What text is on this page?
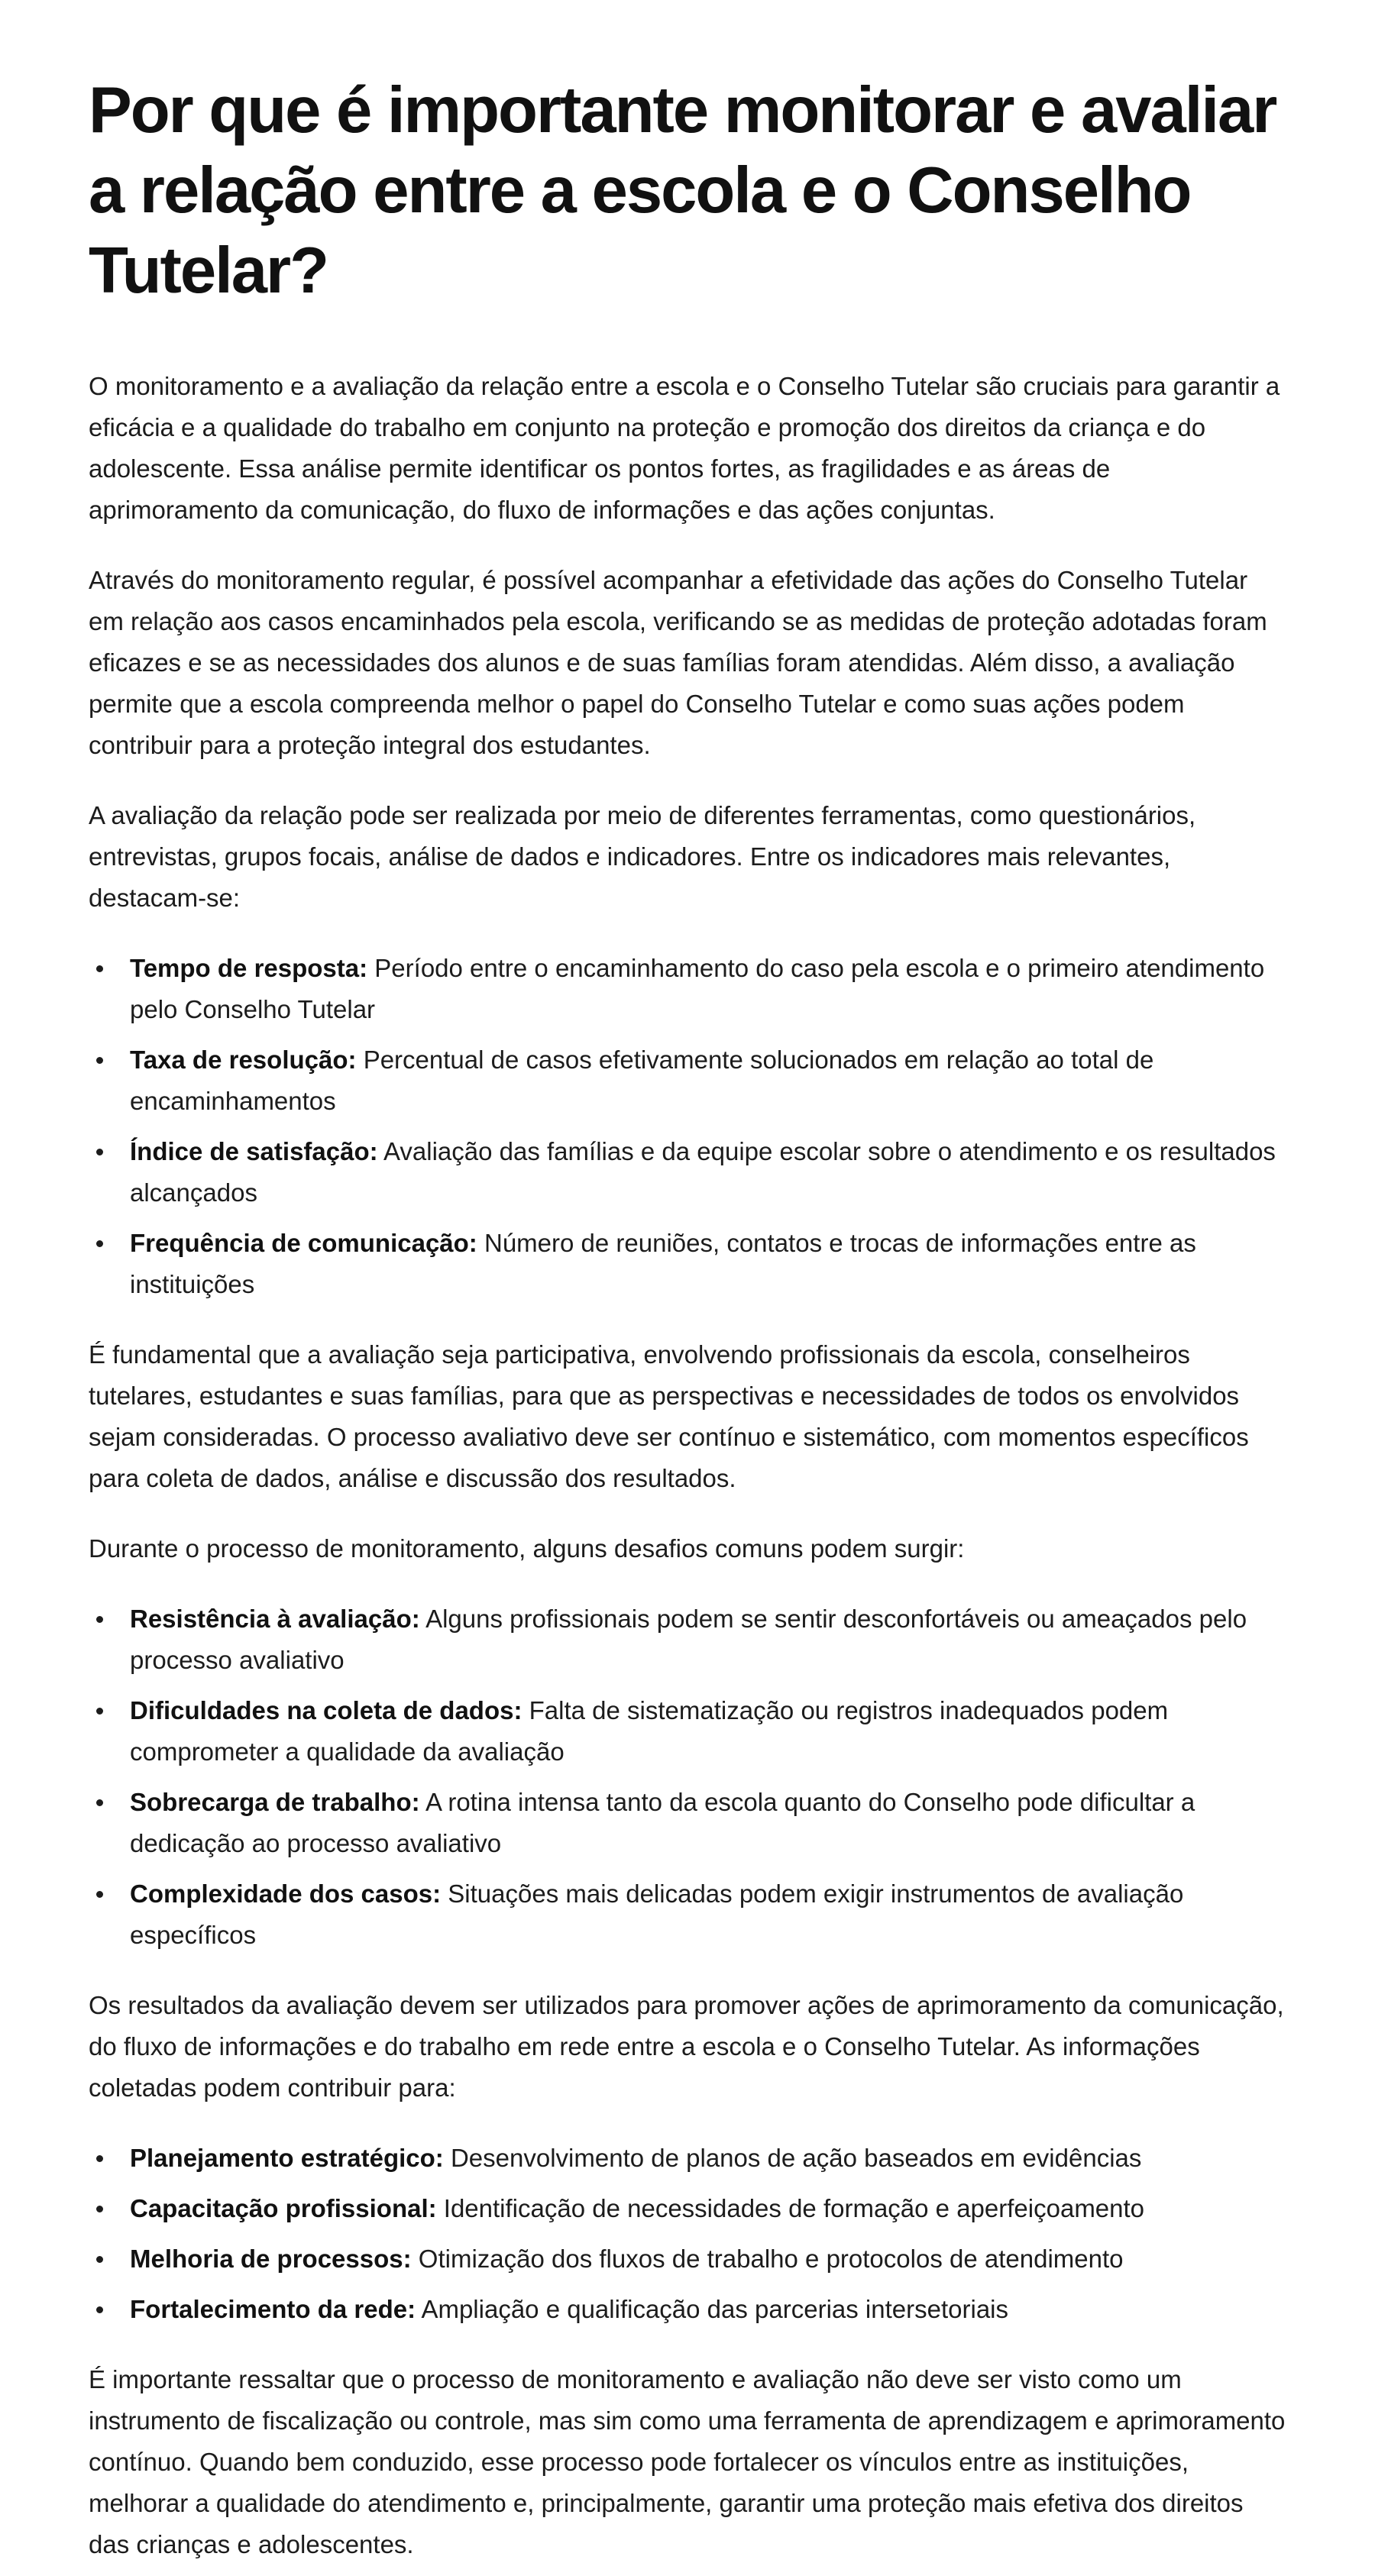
Por que é importante monitorar e avaliar a relação entre a escola e o Conselho Tutelar?

O monitoramento e a avaliação da relação entre a escola e o Conselho Tutelar são cruciais para garantir a eficácia e a qualidade do trabalho em conjunto na proteção e promoção dos direitos da criança e do adolescente. Essa análise permite identificar os pontos fortes, as fragilidades e as áreas de aprimoramento da comunicação, do fluxo de informações e das ações conjuntas.

Através do monitoramento regular, é possível acompanhar a efetividade das ações do Conselho Tutelar em relação aos casos encaminhados pela escola, verificando se as medidas de proteção adotadas foram eficazes e se as necessidades dos alunos e de suas famílias foram atendidas. Além disso, a avaliação permite que a escola compreenda melhor o papel do Conselho Tutelar e como suas ações podem contribuir para a proteção integral dos estudantes.

A avaliação da relação pode ser realizada por meio de diferentes ferramentas, como questionários, entrevistas, grupos focais, análise de dados e indicadores. Entre os indicadores mais relevantes, destacam-se:

Tempo de resposta: Período entre o encaminhamento do caso pela escola e o primeiro atendimento pelo Conselho Tutelar
Taxa de resolução: Percentual de casos efetivamente solucionados em relação ao total de encaminhamentos
Índice de satisfação: Avaliação das famílias e da equipe escolar sobre o atendimento e os resultados alcançados
Frequência de comunicação: Número de reuniões, contatos e trocas de informações entre as instituições

É fundamental que a avaliação seja participativa, envolvendo profissionais da escola, conselheiros tutelares, estudantes e suas famílias, para que as perspectivas e necessidades de todos os envolvidos sejam consideradas. O processo avaliativo deve ser contínuo e sistemático, com momentos específicos para coleta de dados, análise e discussão dos resultados.

Durante o processo de monitoramento, alguns desafios comuns podem surgir:

Resistência à avaliação: Alguns profissionais podem se sentir desconfortáveis ou ameaçados pelo processo avaliativo
Dificuldades na coleta de dados: Falta de sistematização ou registros inadequados podem comprometer a qualidade da avaliação
Sobrecarga de trabalho: A rotina intensa tanto da escola quanto do Conselho pode dificultar a dedicação ao processo avaliativo
Complexidade dos casos: Situações mais delicadas podem exigir instrumentos de avaliação específicos

Os resultados da avaliação devem ser utilizados para promover ações de aprimoramento da comunicação, do fluxo de informações e do trabalho em rede entre a escola e o Conselho Tutelar. As informações coletadas podem contribuir para:

Planejamento estratégico: Desenvolvimento de planos de ação baseados em evidências
Capacitação profissional: Identificação de necessidades de formação e aperfeiçoamento
Melhoria de processos: Otimização dos fluxos de trabalho e protocolos de atendimento
Fortalecimento da rede: Ampliação e qualificação das parcerias intersetoriais

É importante ressaltar que o processo de monitoramento e avaliação não deve ser visto como um instrumento de fiscalização ou controle, mas sim como uma ferramenta de aprendizagem e aprimoramento contínuo. Quando bem conduzido, esse processo pode fortalecer os vínculos entre as instituições, melhorar a qualidade do atendimento e, principalmente, garantir uma proteção mais efetiva dos direitos das crianças e adolescentes.
